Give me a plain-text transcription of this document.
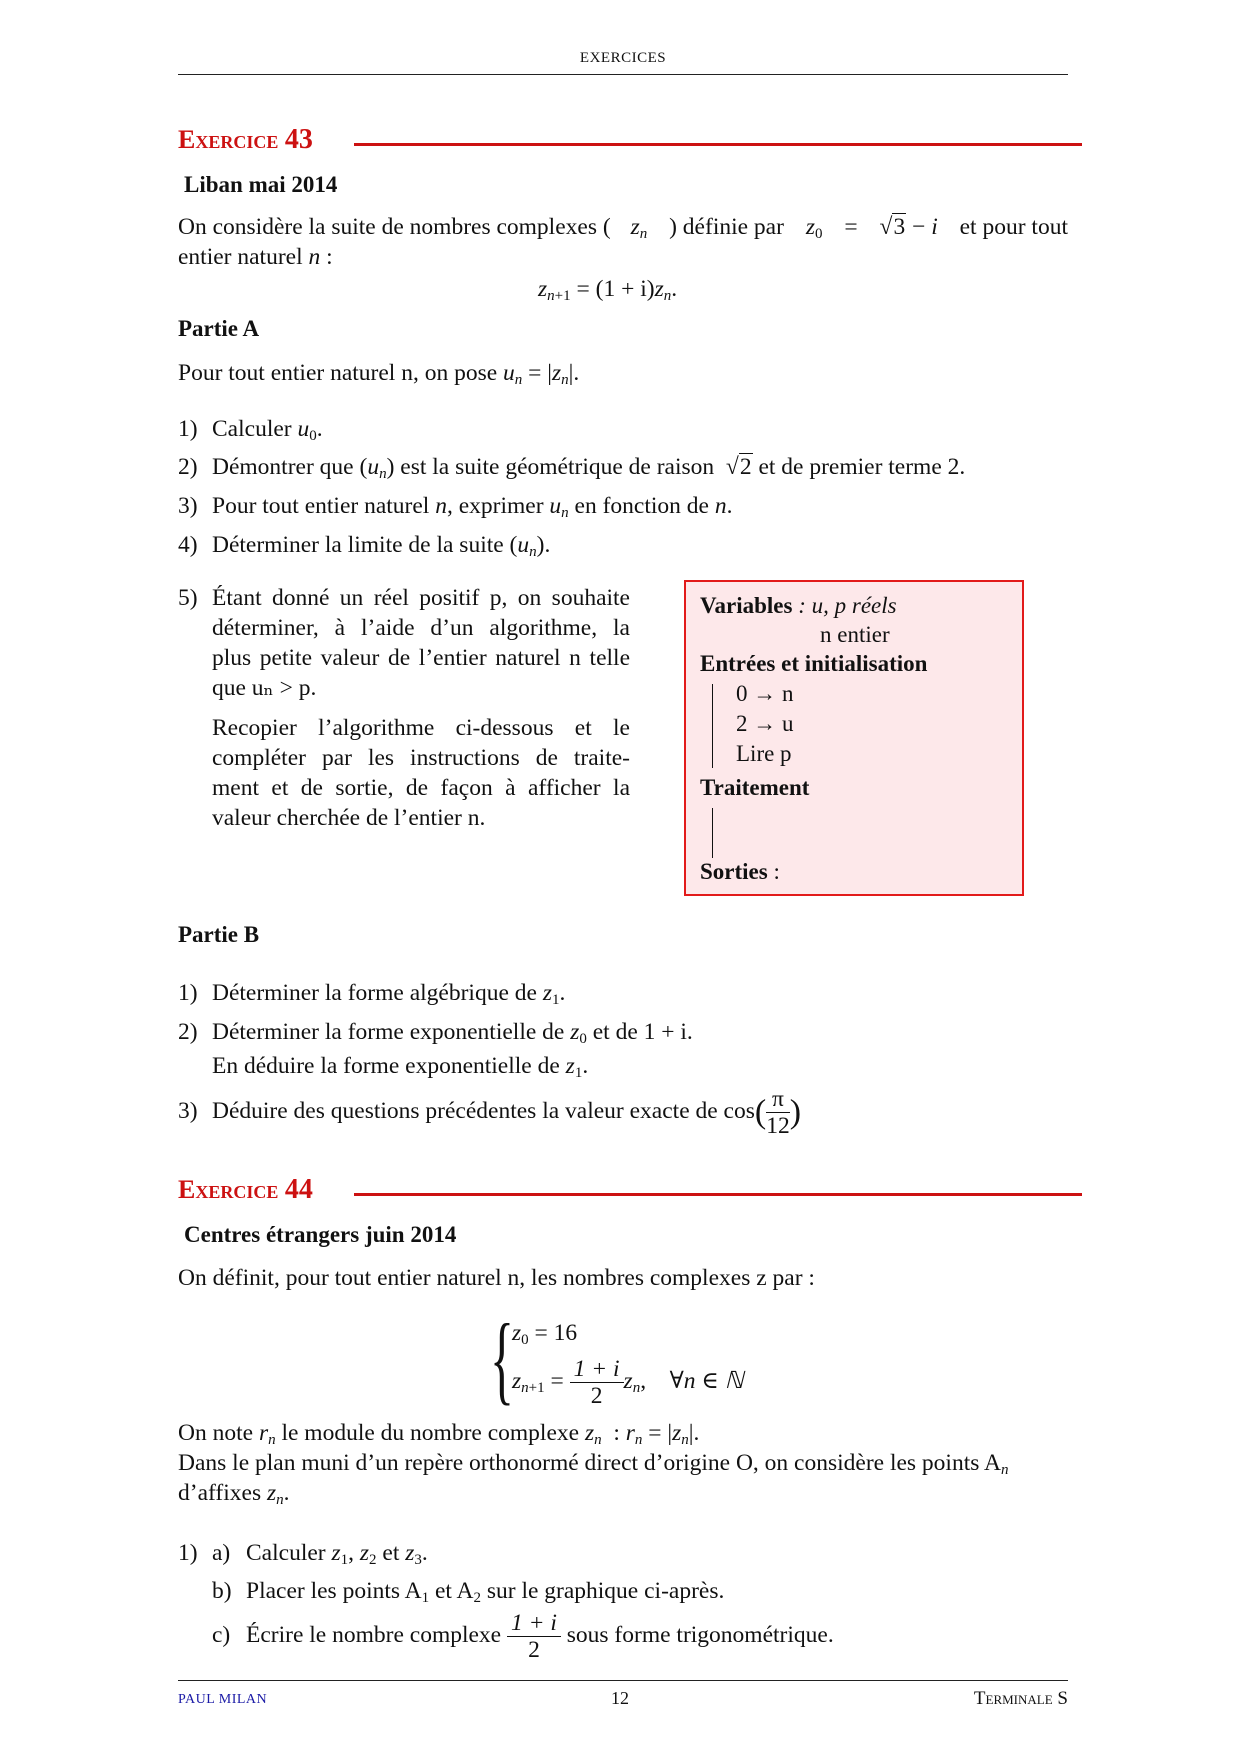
EXERCICES
Exercice 43
Liban mai 2014
On considère la suite de nombres complexes ( $z_n$ ) définie par $z_0 = √3 - i$ et pour tout
entier naturel n :
$z_{n+1} = (1 + i)z_n$.
Partie A
Pour tout entier naturel n, on pose $u_n = |z_n|$.
1) Calculer $u_0$.
2) Démontrer que $(u_n)$ est la suite géométrique de raison √2 et de premier terme 2.
3) Pour tout entier naturel n, exprimer $u_n$ en fonction de n.
4) Déterminer la limite de la suite $(u_n)$.
5) Étant donné un réel positif p, on souhaite
déterminer, à l’aide d’un algorithme, la
plus petite valeur de l’entier naturel n telle
que uₙ > p.
Recopier l’algorithme ci-dessous et le
compléter par les instructions de traite-
ment et de sortie, de façon à afficher la
valeur cherchée de l’entier n.
Variables : u, p réels
n entier
Entrées et initialisation
0 → n
2 → u
Lire p
Traitement
Sorties :
Partie B
1) Déterminer la forme algébrique de $z_1$.
2) Déterminer la forme exponentielle de $z_0$ et de 1 + i.
En déduire la forme exponentielle de $z_1$.
3) Déduire des questions précédentes la valeur exacte de $\cos( \frac{\pi}{12}$ )
Exercice 44
Centres étrangers juin 2014
On définit, pour tout entier naturel n, les nombres complexes z par :
{
$z_0 = 16$
$z_{n+1} = \frac{1 + i}{2} z_n$,    ∀n ∈ ℕ
On note $r_n$ le module du nombre complexe $z_n$  : $r_n = |z_n|$.
Dans le plan muni d’un repère orthonormé direct d’origine O, on considère les points $A_n$
d’affixes $z_n$.
1) a) Calculer $z_1$, $z_2$ et $z_3$.
b) Placer les points $A_1$ et $A_2$ sur le graphique ci-après.
c) Écrire le nombre complexe $\frac{1 + i}{2}$ sous forme trigonométrique.
PAUL MILAN	12	Terminale S
